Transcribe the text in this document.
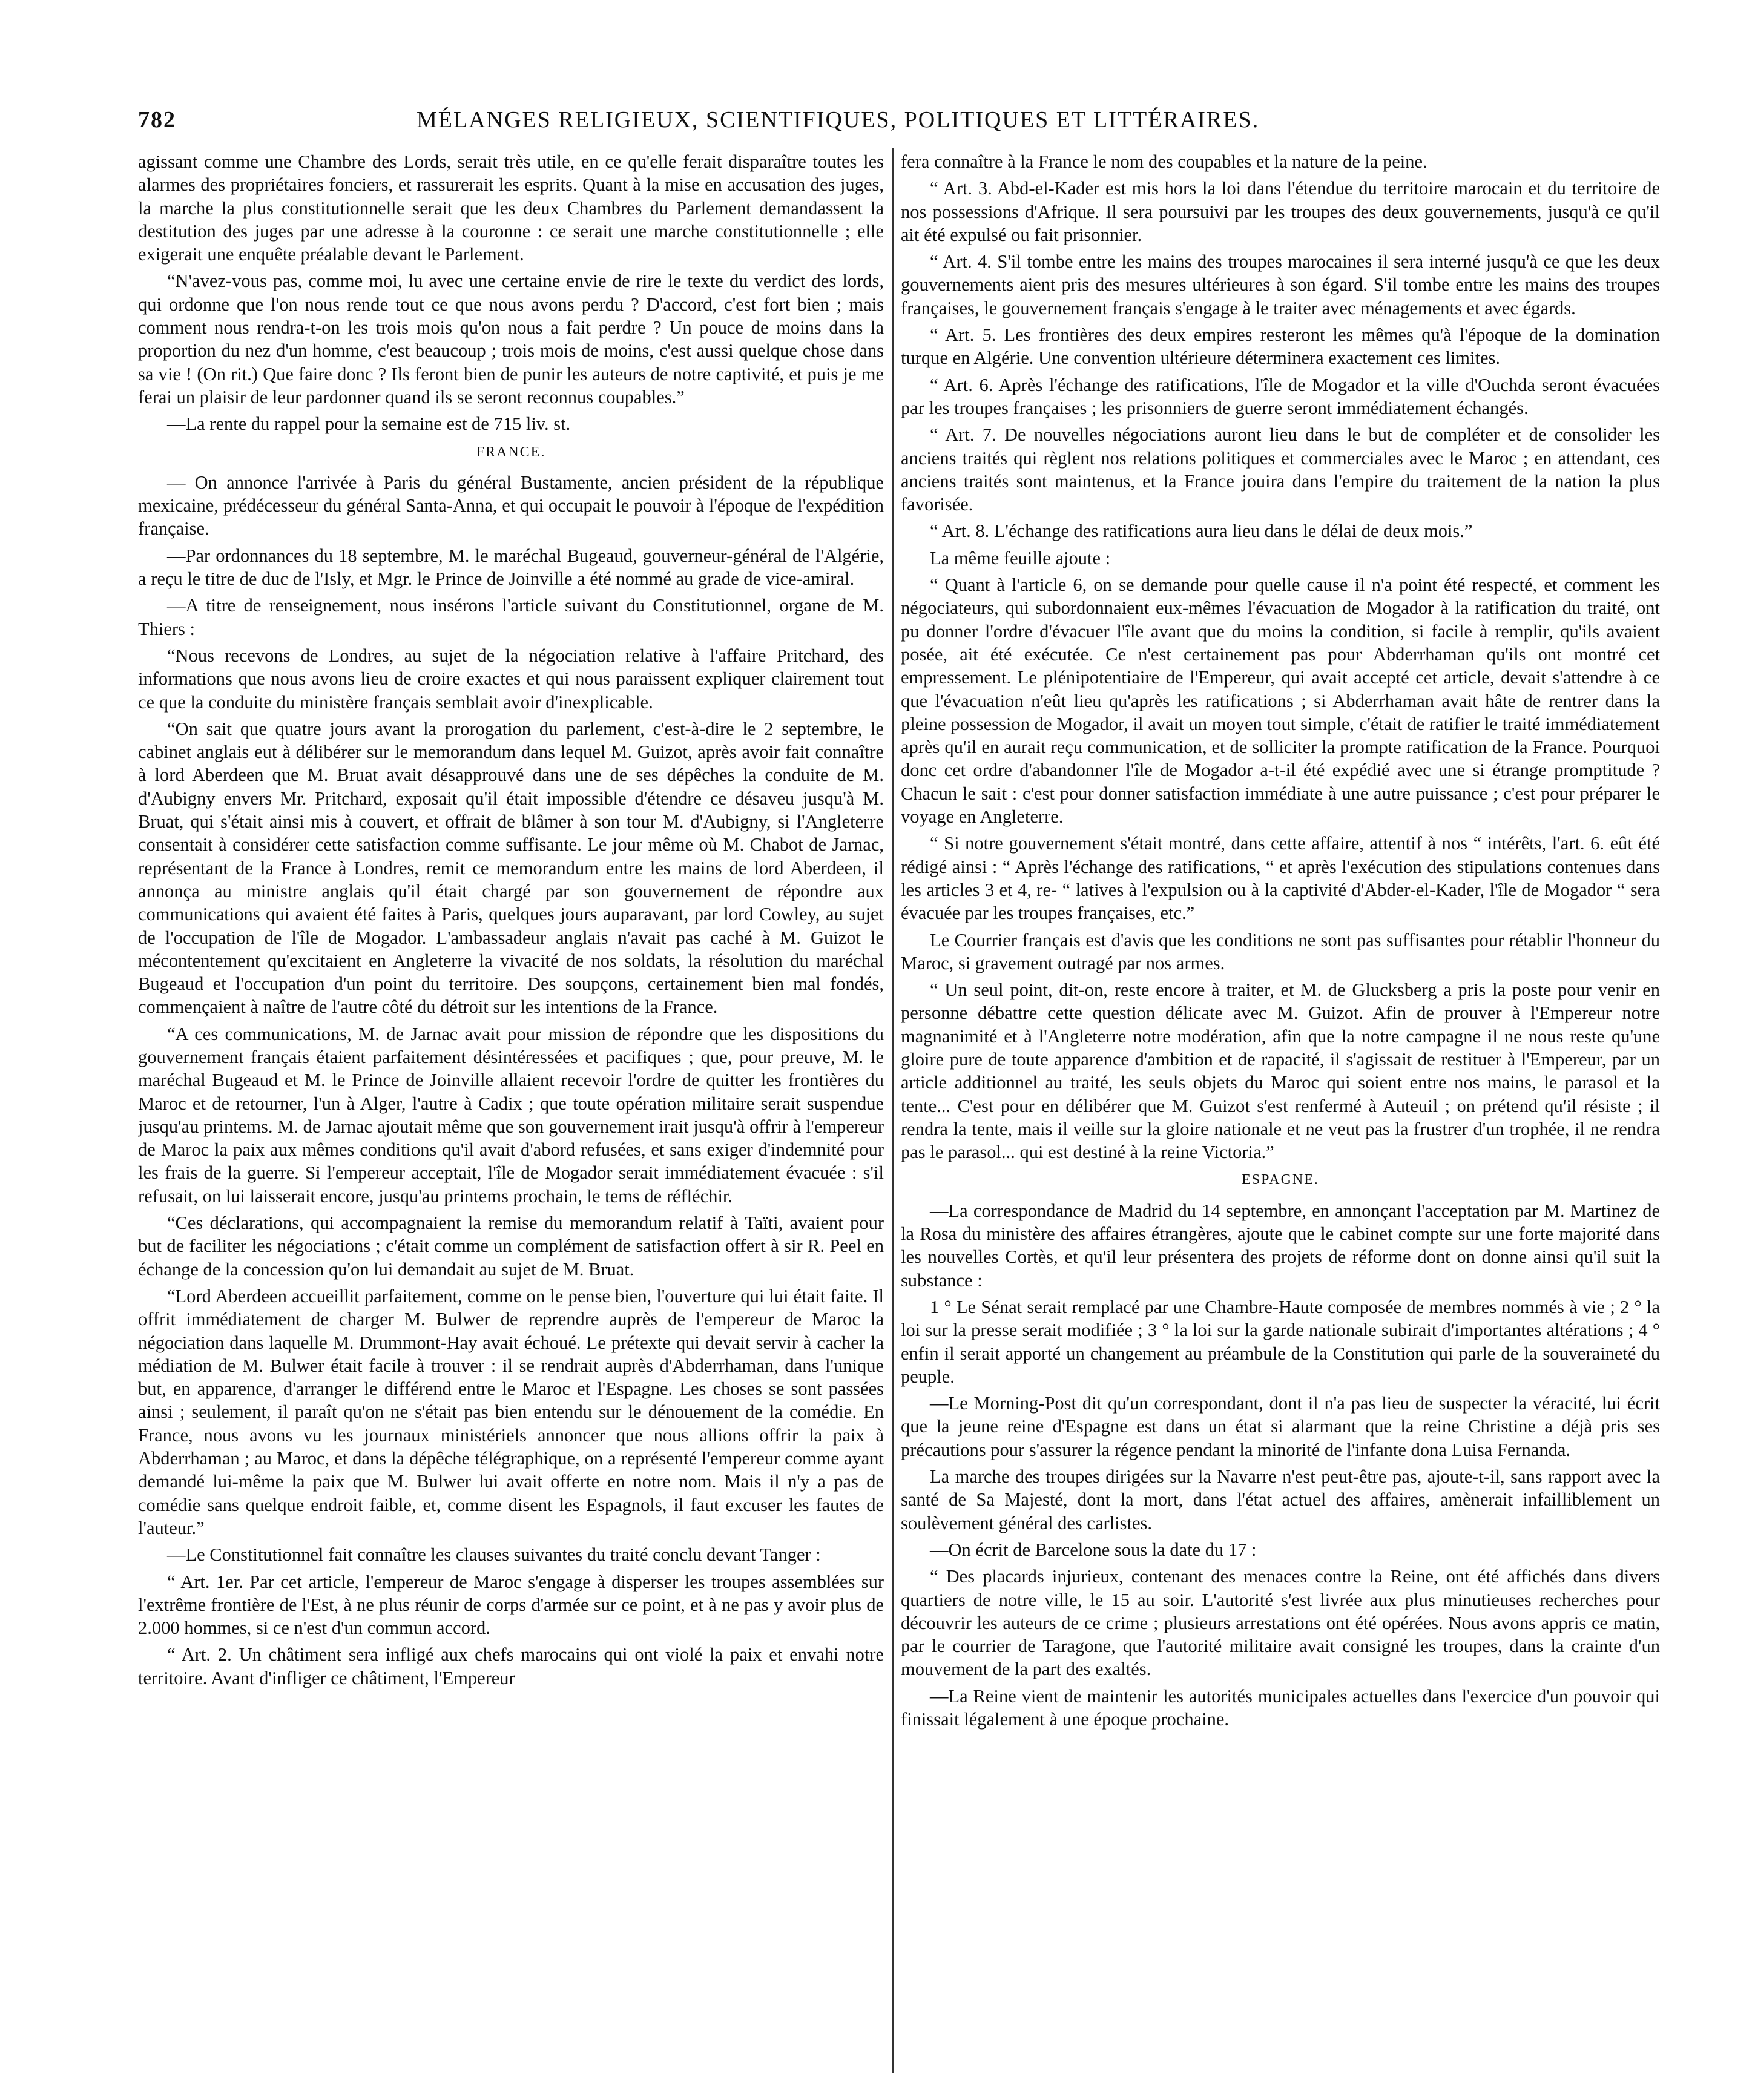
782	MÉLANGES RELIGIEUX, SCIENTIFIQUES, POLITIQUES ET LITTÉRAIRES.

agissant comme une Chambre des Lords, serait très utile, en ce qu'elle ferait disparaître toutes les alarmes des propriétaires fonciers, et rassurerait les esprits. Quant à la mise en accusation des juges, la marche la plus constitutionnelle serait que les deux Chambres du Parlement demandassent la destitution des juges par une adresse à la couronne : ce serait une marche constitutionnelle ; elle exigerait une enquête préalable devant le Parlement.

“N'avez-vous pas, comme moi, lu avec une certaine envie de rire le texte du verdict des lords, qui ordonne que l'on nous rende tout ce que nous avons perdu ? D'accord, c'est fort bien ; mais comment nous rendra-t-on les trois mois qu'on nous a fait perdre ? Un pouce de moins dans la proportion du nez d'un homme, c'est beaucoup ; trois mois de moins, c'est aussi quelque chose dans sa vie ! (On rit.) Que faire donc ? Ils feront bien de punir les auteurs de notre captivité, et puis je me ferai un plaisir de leur pardonner quand ils se seront reconnus coupables.”

—La rente du rappel pour la semaine est de 715 liv. st.

FRANCE.

— On annonce l'arrivée à Paris du général Bustamente, ancien président de la république mexicaine, prédécesseur du général Santa-Anna, et qui occupait le pouvoir à l'époque de l'expédition française.

—Par ordonnances du 18 septembre, M. le maréchal Bugeaud, gouverneur-général de l'Algérie, a reçu le titre de duc de l'Isly, et Mgr. le Prince de Joinville a été nommé au grade de vice-amiral.

—A titre de renseignement, nous insérons l'article suivant du Constitutionnel, organe de M. Thiers :

“Nous recevons de Londres, au sujet de la négociation relative à l'affaire Pritchard, des informations que nous avons lieu de croire exactes et qui nous paraissent expliquer clairement tout ce que la conduite du ministère français semblait avoir d'inexplicable.

“On sait que quatre jours avant la prorogation du parlement, c'est-à-dire le 2 septembre, le cabinet anglais eut à délibérer sur le memorandum dans lequel M. Guizot, après avoir fait connaître à lord Aberdeen que M. Bruat avait désapprouvé dans une de ses dépêches la conduite de M. d'Aubigny envers Mr. Pritchard, exposait qu'il était impossible d'étendre ce désaveu jusqu'à M. Bruat, qui s'était ainsi mis à couvert, et offrait de blâmer à son tour M. d'Aubigny, si l'Angleterre consentait à considérer cette satisfaction comme suffisante. Le jour même où M. Chabot de Jarnac, représentant de la France à Londres, remit ce memorandum entre les mains de lord Aberdeen, il annonça au ministre anglais qu'il était chargé par son gouvernement de répondre aux communications qui avaient été faites à Paris, quelques jours auparavant, par lord Cowley, au sujet de l'occupation de l'île de Mogador. L'ambassadeur anglais n'avait pas caché à M. Guizot le mécontentement qu'excitaient en Angleterre la vivacité de nos soldats, la résolution du maréchal Bugeaud et l'occupation d'un point du territoire. Des soupçons, certainement bien mal fondés, commençaient à naître de l'autre côté du détroit sur les intentions de la France.

“A ces communications, M. de Jarnac avait pour mission de répondre que les dispositions du gouvernement français étaient parfaitement désintéressées et pacifiques ; que, pour preuve, M. le maréchal Bugeaud et M. le Prince de Joinville allaient recevoir l'ordre de quitter les frontières du Maroc et de retourner, l'un à Alger, l'autre à Cadix ; que toute opération militaire serait suspendue jusqu'au printems. M. de Jarnac ajoutait même que son gouvernement irait jusqu'à offrir à l'empereur de Maroc la paix aux mêmes conditions qu'il avait d'abord refusées, et sans exiger d'indemnité pour les frais de la guerre. Si l'empereur acceptait, l'île de Mogador serait immédiatement évacuée : s'il refusait, on lui laisserait encore, jusqu'au printems prochain, le tems de réfléchir.

“Ces déclarations, qui accompagnaient la remise du memorandum relatif à Taïti, avaient pour but de faciliter les négociations ; c'était comme un complément de satisfaction offert à sir R. Peel en échange de la concession qu'on lui demandait au sujet de M. Bruat.

“Lord Aberdeen accueillit parfaitement, comme on le pense bien, l'ouverture qui lui était faite. Il offrit immédiatement de charger M. Bulwer de reprendre auprès de l'empereur de Maroc la négociation dans laquelle M. Drummont-Hay avait échoué. Le prétexte qui devait servir à cacher la médiation de M. Bulwer était facile à trouver : il se rendrait auprès d'Abderrhaman, dans l'unique but, en apparence, d'arranger le différend entre le Maroc et l'Espagne. Les choses se sont passées ainsi ; seulement, il paraît qu'on ne s'était pas bien entendu sur le dénouement de la comédie. En France, nous avons vu les journaux ministériels annoncer que nous allions offrir la paix à Abderrhaman ; au Maroc, et dans la dépêche télégraphique, on a représenté l'empereur comme ayant demandé lui-même la paix que M. Bulwer lui avait offerte en notre nom. Mais il n'y a pas de comédie sans quelque endroit faible, et, comme disent les Espagnols, il faut excuser les fautes de l'auteur.”

—Le Constitutionnel fait connaître les clauses suivantes du traité conclu devant Tanger :

“ Art. 1er. Par cet article, l'empereur de Maroc s'engage à disperser les troupes assemblées sur l'extrême frontière de l'Est, à ne plus réunir de corps d'armée sur ce point, et à ne pas y avoir plus de 2.000 hommes, si ce n'est d'un commun accord.

“ Art. 2. Un châtiment sera infligé aux chefs marocains qui ont violé la paix et envahi notre territoire. Avant d'infliger ce châtiment, l'Empereur

fera connaître à la France le nom des coupables et la nature de la peine.

“ Art. 3. Abd-el-Kader est mis hors la loi dans l'étendue du territoire marocain et du territoire de nos possessions d'Afrique. Il sera poursuivi par les troupes des deux gouvernements, jusqu'à ce qu'il ait été expulsé ou fait prisonnier.

“ Art. 4. S'il tombe entre les mains des troupes marocaines il sera interné jusqu'à ce que les deux gouvernements aient pris des mesures ultérieures à son égard. S'il tombe entre les mains des troupes françaises, le gouvernement français s'engage à le traiter avec ménagements et avec égards.

“ Art. 5. Les frontières des deux empires resteront les mêmes qu'à l'époque de la domination turque en Algérie. Une convention ultérieure déterminera exactement ces limites.

“ Art. 6. Après l'échange des ratifications, l'île de Mogador et la ville d'Ouchda seront évacuées par les troupes françaises ; les prisonniers de guerre seront immédiatement échangés.

“ Art. 7. De nouvelles négociations auront lieu dans le but de compléter et de consolider les anciens traités qui règlent nos relations politiques et commerciales avec le Maroc ; en attendant, ces anciens traités sont maintenus, et la France jouira dans l'empire du traitement de la nation la plus favorisée.

“ Art. 8. L'échange des ratifications aura lieu dans le délai de deux mois.”

La même feuille ajoute :

“ Quant à l'article 6, on se demande pour quelle cause il n'a point été respecté, et comment les négociateurs, qui subordonnaient eux-mêmes l'évacuation de Mogador à la ratification du traité, ont pu donner l'ordre d'évacuer l'île avant que du moins la condition, si facile à remplir, qu'ils avaient posée, ait été exécutée. Ce n'est certainement pas pour Abderrhaman qu'ils ont montré cet empressement. Le plénipotentiaire de l'Empereur, qui avait accepté cet article, devait s'attendre à ce que l'évacuation n'eût lieu qu'après les ratifications ; si Abderrhaman avait hâte de rentrer dans la pleine possession de Mogador, il avait un moyen tout simple, c'était de ratifier le traité immédiatement après qu'il en aurait reçu communication, et de solliciter la prompte ratification de la France. Pourquoi donc cet ordre d'abandonner l'île de Mogador a-t-il été expédié avec une si étrange promptitude ? Chacun le sait : c'est pour donner satisfaction immédiate à une autre puissance ; c'est pour préparer le voyage en Angleterre.

“ Si notre gouvernement s'était montré, dans cette affaire, attentif à nos “ intérêts, l'art. 6. eût été rédigé ainsi : “ Après l'échange des ratifications, “ et après l'exécution des stipulations contenues dans les articles 3 et 4, re- “ latives à l'expulsion ou à la captivité d'Abder-el-Kader, l'île de Mogador “ sera évacuée par les troupes françaises, etc.”

Le Courrier français est d'avis que les conditions ne sont pas suffisantes pour rétablir l'honneur du Maroc, si gravement outragé par nos armes.

“ Un seul point, dit-on, reste encore à traiter, et M. de Glucksberg a pris la poste pour venir en personne débattre cette question délicate avec M. Guizot. Afin de prouver à l'Empereur notre magnanimité et à l'Angleterre notre modération, afin que la notre campagne il ne nous reste qu'une gloire pure de toute apparence d'ambition et de rapacité, il s'agissait de restituer à l'Empereur, par un article additionnel au traité, les seuls objets du Maroc qui soient entre nos mains, le parasol et la tente... C'est pour en délibérer que M. Guizot s'est renfermé à Auteuil ; on prétend qu'il résiste ; il rendra la tente, mais il veille sur la gloire nationale et ne veut pas la frustrer d'un trophée, il ne rendra pas le parasol... qui est destiné à la reine Victoria.”

ESPAGNE.

—La correspondance de Madrid du 14 septembre, en annonçant l'acceptation par M. Martinez de la Rosa du ministère des affaires étrangères, ajoute que le cabinet compte sur une forte majorité dans les nouvelles Cortès, et qu'il leur présentera des projets de réforme dont on donne ainsi qu'il suit la substance :

1 ° Le Sénat serait remplacé par une Chambre-Haute composée de membres nommés à vie ; 2 ° la loi sur la presse serait modifiée ; 3 ° la loi sur la garde nationale subirait d'importantes altérations ; 4 ° enfin il serait apporté un changement au préambule de la Constitution qui parle de la souveraineté du peuple.

—Le Morning-Post dit qu'un correspondant, dont il n'a pas lieu de suspecter la véracité, lui écrit que la jeune reine d'Espagne est dans un état si alarmant que la reine Christine a déjà pris ses précautions pour s'assurer la régence pendant la minorité de l'infante dona Luisa Fernanda.

La marche des troupes dirigées sur la Navarre n'est peut-être pas, ajoute-t-il, sans rapport avec la santé de Sa Majesté, dont la mort, dans l'état actuel des affaires, amènerait infailliblement un soulèvement général des carlistes.

—On écrit de Barcelone sous la date du 17 :

“ Des placards injurieux, contenant des menaces contre la Reine, ont été affichés dans divers quartiers de notre ville, le 15 au soir. L'autorité s'est livrée aux plus minutieuses recherches pour découvrir les auteurs de ce crime ; plusieurs arrestations ont été opérées. Nous avons appris ce matin, par le courrier de Taragone, que l'autorité militaire avait consigné les troupes, dans la crainte d'un mouvement de la part des exaltés.

—La Reine vient de maintenir les autorités municipales actuelles dans l'exercice d'un pouvoir qui finissait légalement à une époque prochaine.
